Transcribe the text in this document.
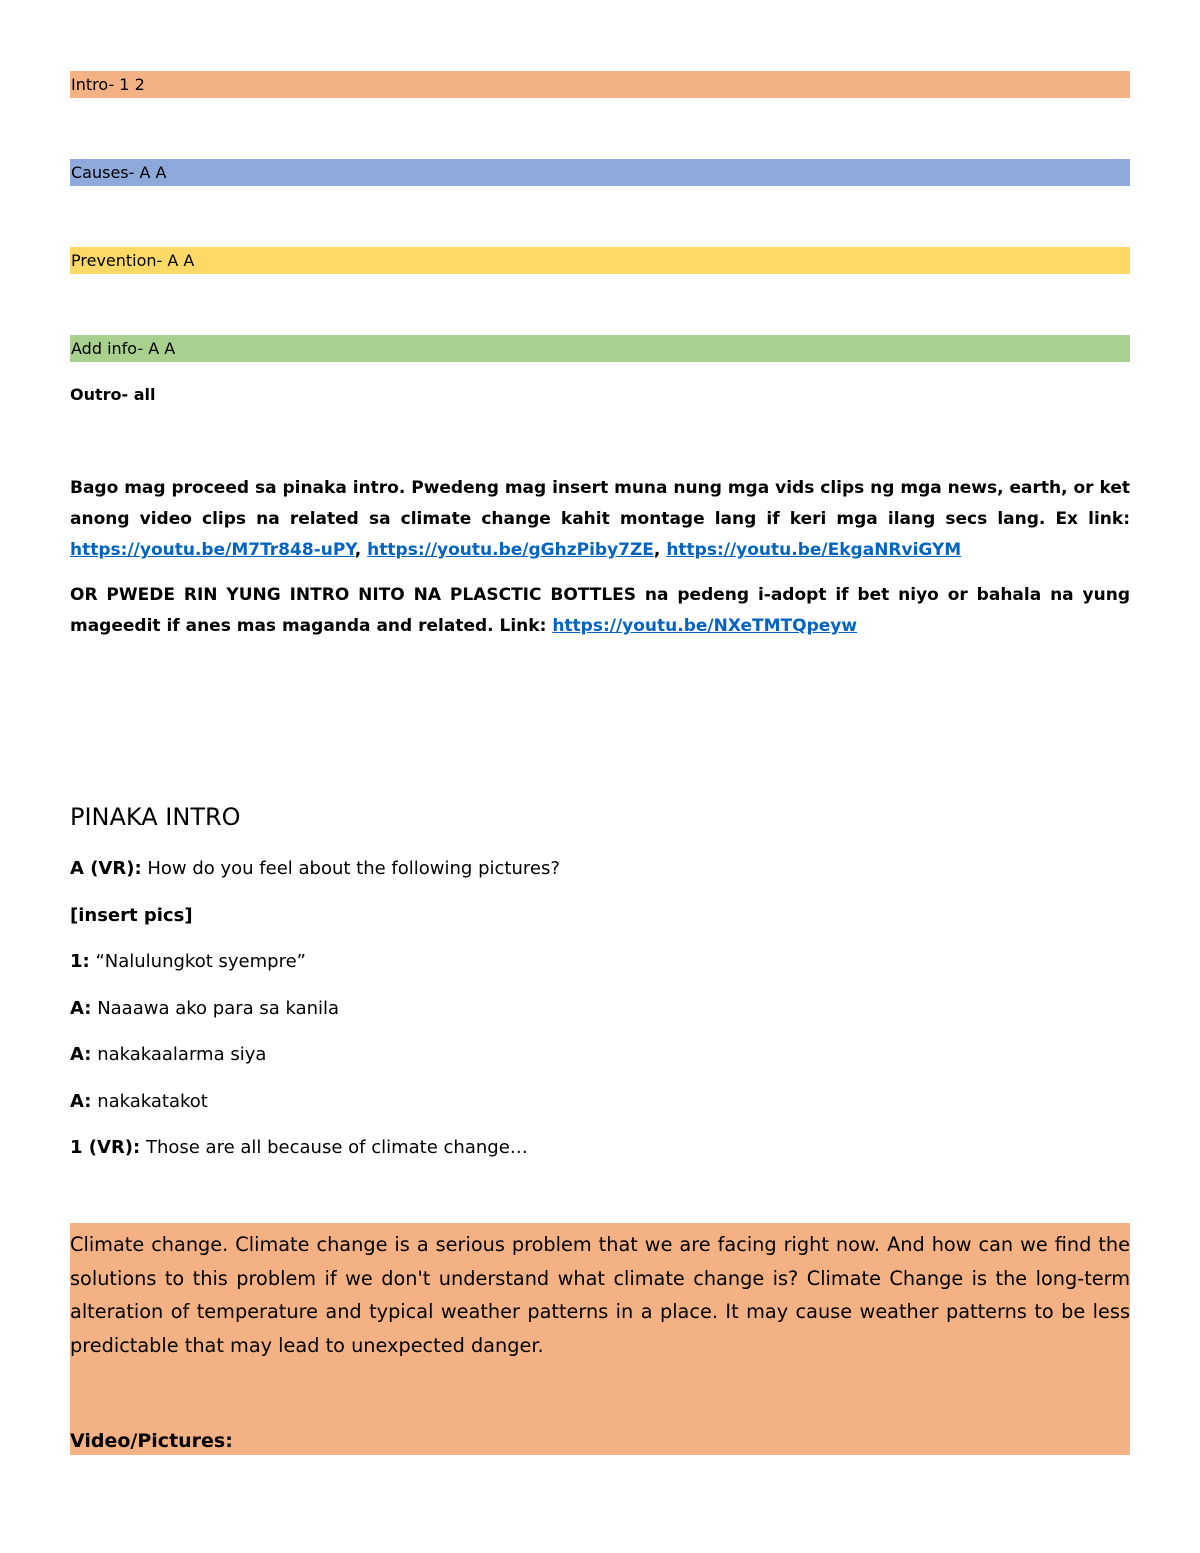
Intro- 1 2
Causes- A A
Prevention- A A
Add info- A A
Outro- all
Bago mag proceed sa pinaka intro. Pwedeng mag insert muna nung mga vids clips ng mga news, earth, or ket anong video clips na related sa climate change kahit montage lang if keri mga ilang secs lang. Ex link: https://youtu.be/M7Tr848-uPY, https://youtu.be/gGhzPiby7ZE, https://youtu.be/EkgaNRviGYM
OR PWEDE RIN YUNG INTRO NITO NA PLASCTIC BOTTLES na pedeng i-adopt if bet niyo or bahala na yung mageedit if anes mas maganda and related. Link: https://youtu.be/NXeTMTQpeyw
PINAKA INTRO
A (VR): How do you feel about the following pictures?
[insert pics]
1: “Nalulungkot syempre”
A: Naaawa ako para sa kanila
A: nakakaalarma siya
A: nakakatakot
1 (VR): Those are all because of climate change…
Climate change. Climate change is a serious problem that we are facing right now. And how can we find the solutions to this problem if we don't understand what climate change is? Climate Change is the long-term alteration of temperature and typical weather patterns in a place. It may cause weather patterns to be less predictable that may lead to unexpected danger.
Video/Pictures:
